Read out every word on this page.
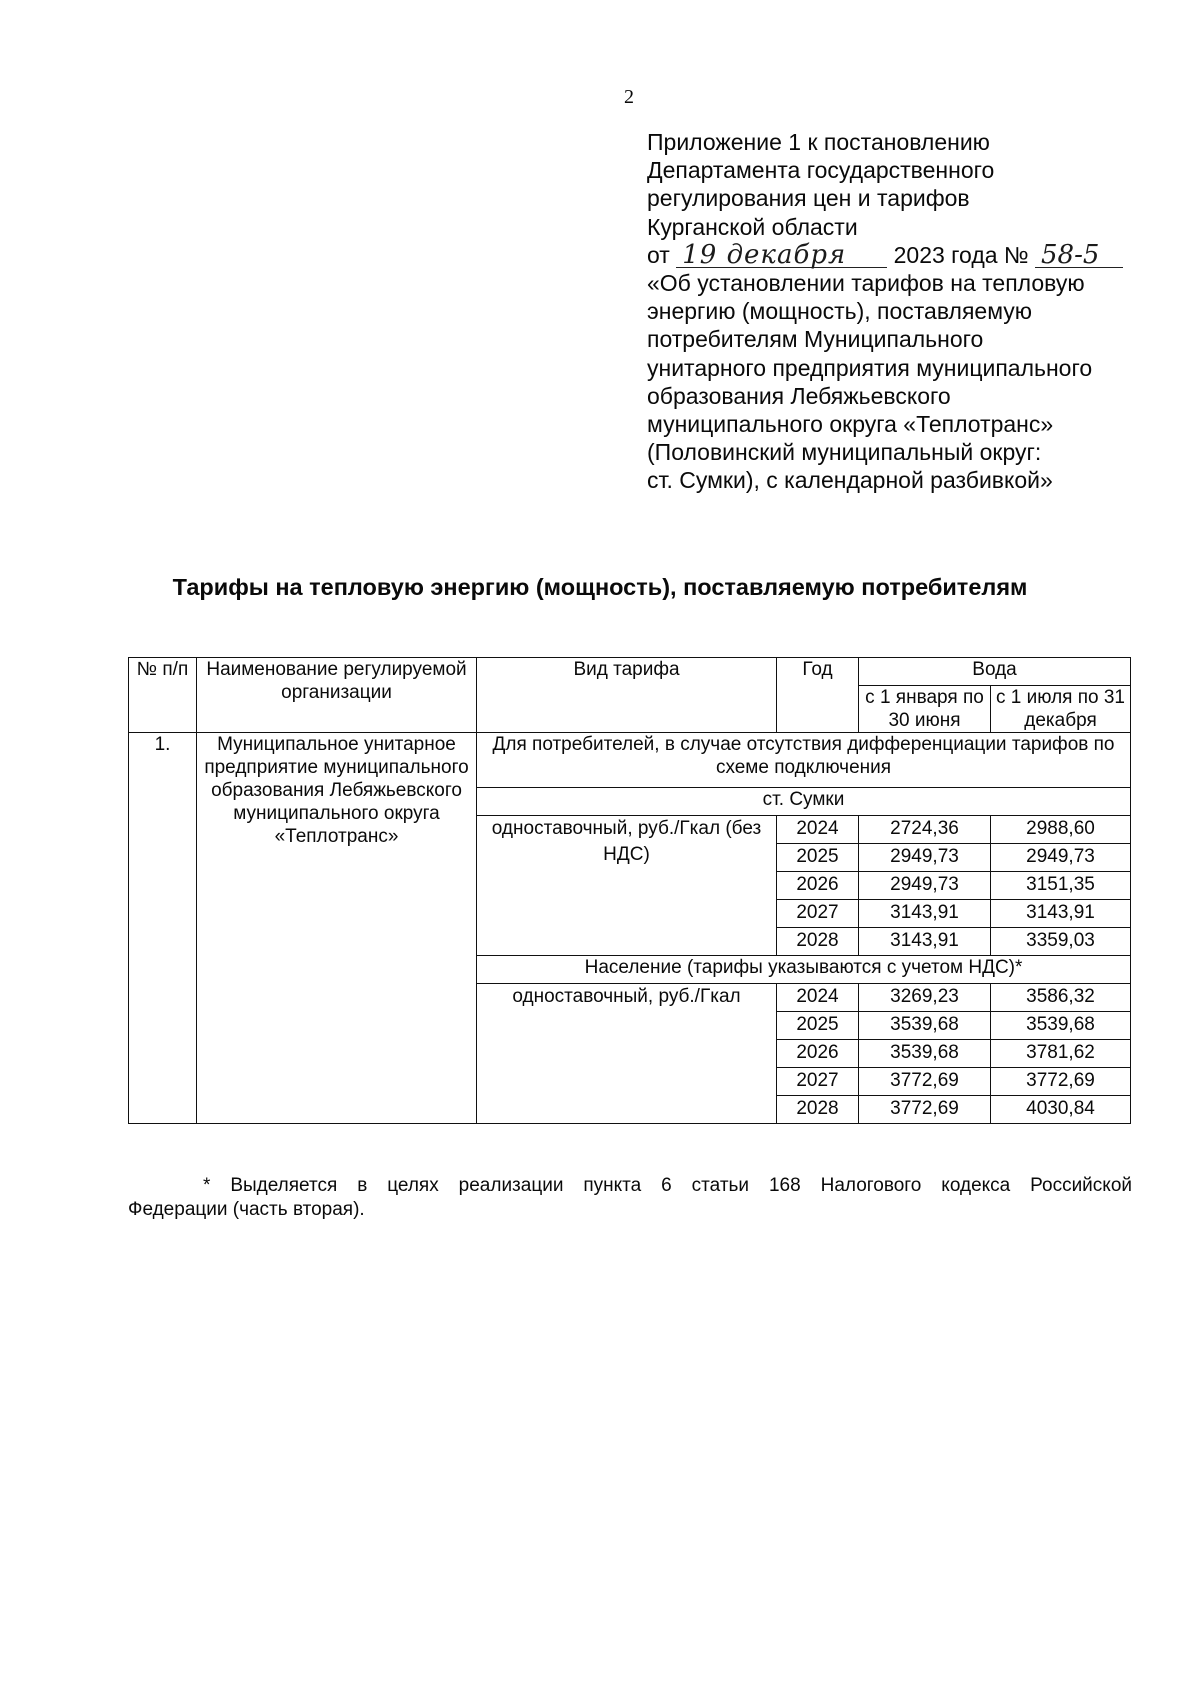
2
Приложение 1 к постановлению
Департамента государственного
регулирования цен и тарифов
Курганской области
от 19 декабря 2023 года № 58-5
«Об установлении тарифов на тепловую
энергию (мощность), поставляемую
потребителям Муниципального
унитарного предприятия муниципального
образования Лебяжьевского
муниципального округа «Теплотранс»
(Половинский муниципальный округ:
ст. Сумки), с календарной разбивкой»
Тарифы на тепловую энергию (мощность), поставляемую потребителям
№ п/п	Наименование регулируемой организации	Вид тарифа	Год	Вода	
				с 1 января по 30 июня	с 1 июля по 31 декабря
1.	Муниципальное унитарное предприятие муниципального образования Лебяжьевского муниципального округа «Теплотранс»	Для потребителей, в случае отсутствия дифференциации тарифов по схеме подключения			
		ст. Сумки			
		одноставочный, руб./Гкал (без НДС)	2024	2724,36	2988,60
			2025	2949,73	2949,73
			2026	2949,73	3151,35
			2027	3143,91	3143,91
			2028	3143,91	3359,03
		Население (тарифы указываются с учетом НДС)*			
		одноставочный, руб./Гкал	2024	3269,23	3586,32
			2025	3539,68	3539,68
			2026	3539,68	3781,62
			2027	3772,69	3772,69
			2028	3772,69	4030,84
* Выделяется в целях реализации пункта 6 статьи 168 Налогового кодекса Российской
Федерации (часть вторая).
